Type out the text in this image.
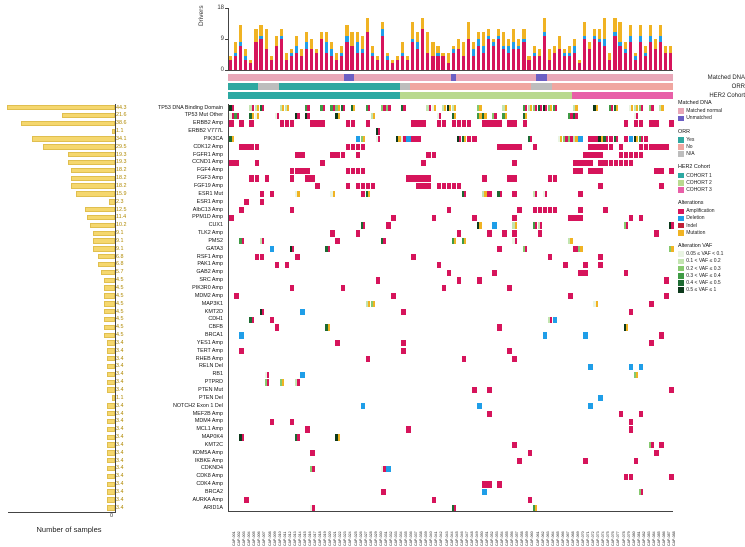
0
9
18
Drivers
Matched DNA
ORR
HER2 Cohort
0
Number of samples
44.3	TP53 DNA Binding Domain
21.6	TP53 Mut Other
38.6	ERBB2 Amp
1.1	ERBB2 V777L
34.1	PIK3CA
29.5	CDK12 Amp
19.3	FGFR1 Amp
19.3	CCND1 Amp
18.2	FGF4 Amp
18.2	FGF3 Amp
18.2	FGF19 Amp
15.9	ESR1 Mut
2.3	ESR1 Amp
12.5	AIbC13 Amp
11.4	PPM1D Amp
10.2	CUX1
9.1	TLK2 Amp
9.1	PMS2
9.1	GATA3
6.8	RSF1 Amp
6.8	PAK1 Amp
5.7	GAB2 Amp
4.5	SRC Amp
4.5	PIK3R0 Amp
4.5	MDM2 Amp
4.5	MAP3K1
4.5	KMT2D
4.5	CDH1
4.5	CBFB
4.5	BRCA1
3.4	YES1 Amp
3.4	TERT Amp
3.4	RHEB Amp
3.4	RELN Del
3.4	RB1
3.4	PTPRD
3.4	PTEN Mut
1.1	PTEN Del
3.4	NOTCH2 Exon 1 Del
3.4	MEF2B Amp
3.4	MDM4 Amp
3.4	MCL1 Amp
3.4	MAP0K4
3.4	KMT2C
3.4	KDM5A Amp
3.4	IKBKE Amp
3.4	CDKND4
3.4	CDK8 Amp
3.4	CDK4 Amp
3.4	BRCA2
3.4	AURKA Amp
3.4	ARID1A
CAP-001 CAP-002 CAP-003 CAP-004 CAP-005 CAP-006 CAP-007 CAP-008 CAP-009 CAP-010 CAP-011 CAP-012 CAP-013 CAP-014 CAP-015 CAP-016 CAP-017 CAP-018 CAP-019 CAP-020 CAP-021 CAP-022 CAP-023 CAP-024 CAP-025 CAP-026 CAP-027 CAP-028 CAP-029 CAP-030 CAP-031 CAP-032 CAP-033 CAP-034 CAP-035 CAP-036 CAP-037 CAP-038 CAP-039 CAP-040 CAP-041 CAP-042 CAP-043 CAP-044 CAP-045 CAP-046 CAP-047 CAP-048 CAP-049 CAP-050 CAP-051 CAP-052 CAP-053 CAP-054 CAP-055 CAP-056 CAP-057 CAP-058 CAP-059 CAP-060 CAP-061 CAP-062 CAP-063 CAP-064 CAP-065 CAP-066 CAP-067 CAP-068 CAP-069 CAP-070 CAP-071 CAP-072 CAP-073 CAP-074 CAP-075 CAP-076 CAP-077 CAP-078 CAP-079 CAP-080 CAP-081 CAP-082 CAP-083 CAP-084 CAP-085 CAP-086 CAP-087 CAP-088
Matched DNA
Matched normal
Unmatched
ORR
Yes
No
N/A
HER2 Cohort
COHORT 1
COHORT 2
COHORT 3
Alterations
Amplification
Deletion
Indel
Mutation
Alteration VAF
0.05 ≤ VAF < 0.1
0.1 < VAF ≤ 0.2
0.2 < VAF ≤ 0.3
0.3 < VAF ≤ 0.4
0.4 < VAF ≤ 0.5
0.5 ≤ VAF ≤ 1
